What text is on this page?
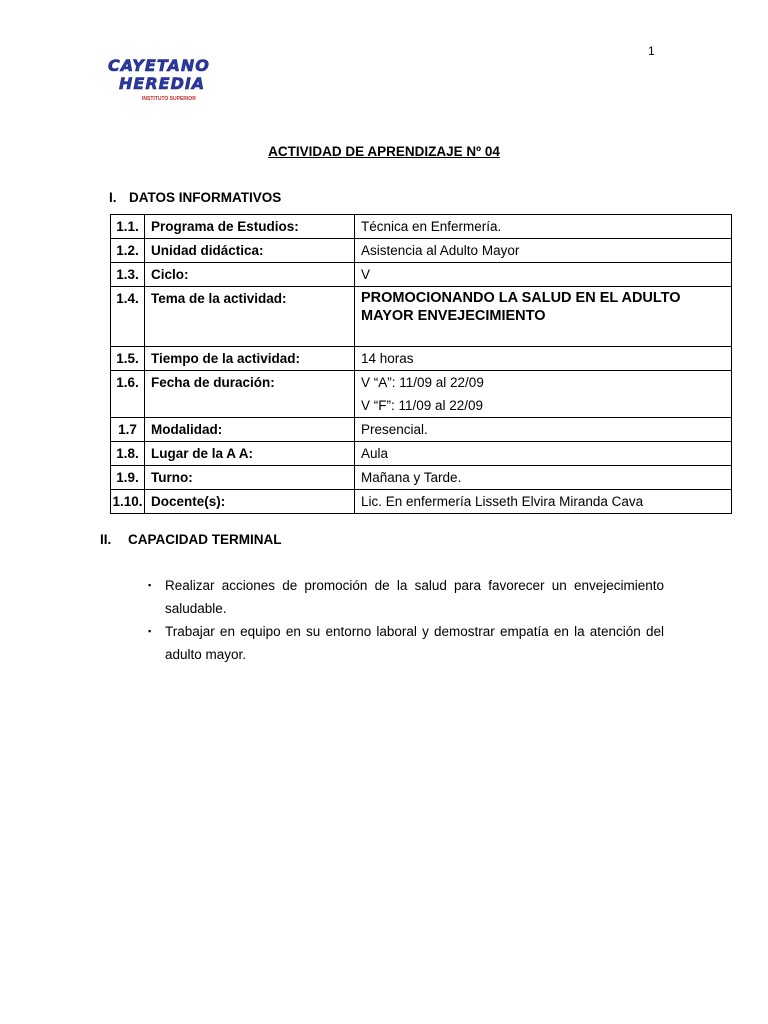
1
CAYETANO
HEREDIA
INSTITUTO SUPERIOR
ACTIVIDAD DE APRENDIZAJE Nº 04
I. DATOS INFORMATIVOS
1.1.	Programa de Estudios:	Técnica en Enfermería.
1.2.	Unidad didáctica:	Asistencia al Adulto Mayor
1.3.	Ciclo:	V
1.4.	Tema de la actividad:	PROMOCIONANDO LA SALUD EN EL ADULTO
MAYOR ENVEJECIMIENTO

1.5.	Tiempo de la actividad:	14 horas
1.6.	Fecha de duración:	V “A”: 11/09 al 22/09
V “F”: 11/09 al 22/09

1.7	Modalidad:	Presencial.
1.8.	Lugar de la A A:	Aula
1.9.	Turno:	Mañana y Tarde.
1.10.	Docente(s):	Lic. En enfermería Lisseth Elvira Miranda Cava
II. CAPACIDAD TERMINAL
▪ Realizar acciones de promoción de la salud para favorecer un envejecimiento saludable.
▪ Trabajar en equipo en su entorno laboral y demostrar empatía en la atención del adulto mayor.
